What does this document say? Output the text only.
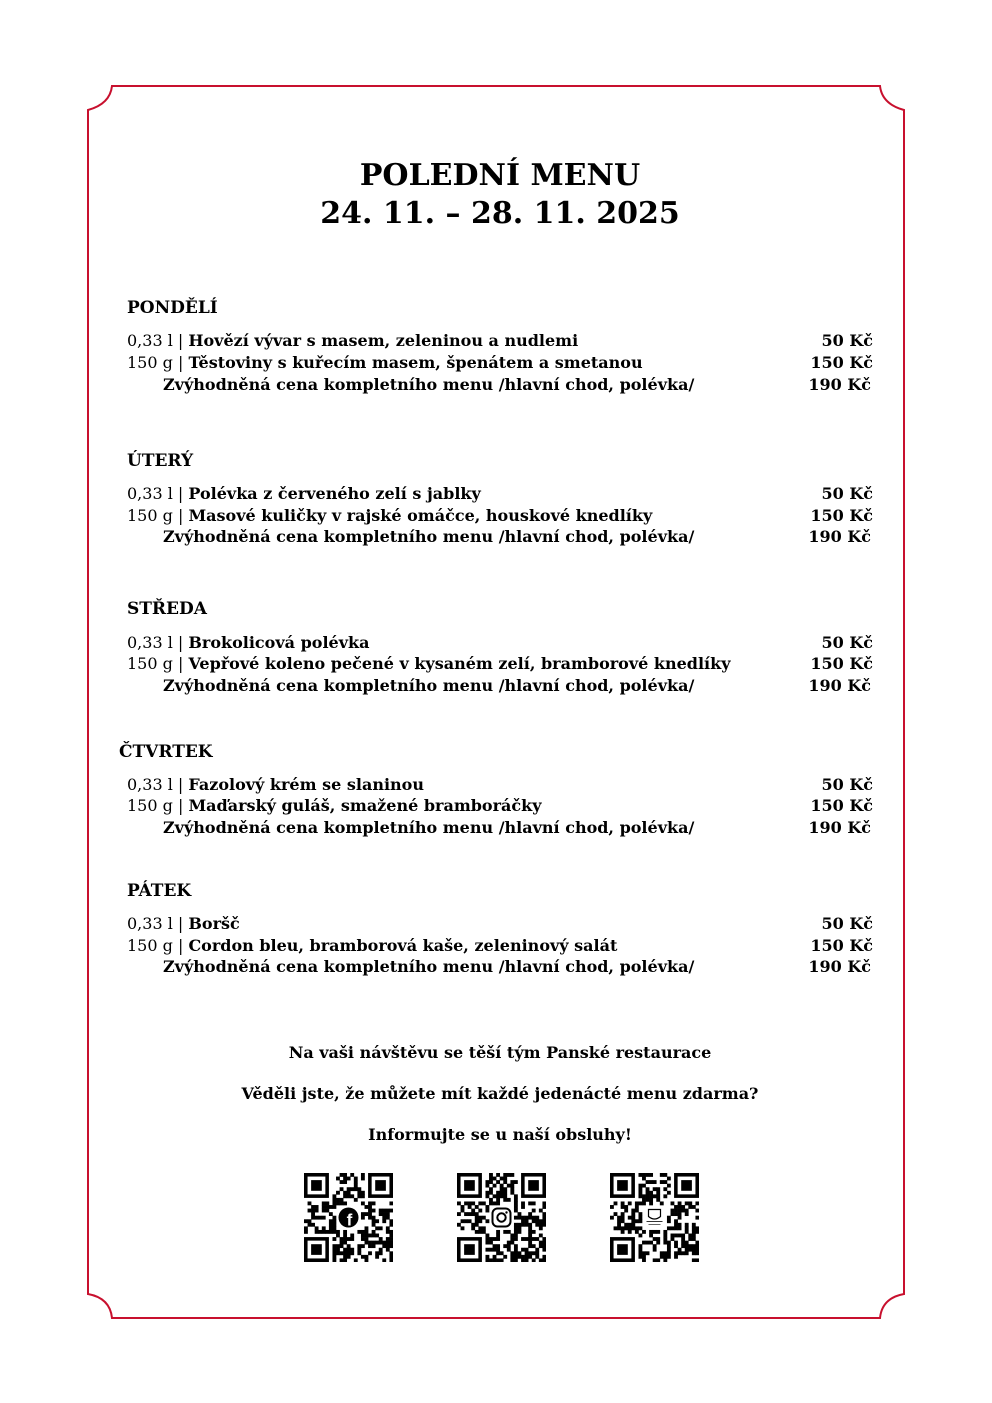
POLEDNÍ MENU
24. 11. – 28. 11. 2025
PONDĚLÍ
0,33 l | Hovězí vývar s masem, zeleninou a nudlemi	50 Kč
150 g | Těstoviny s kuřecím masem, špenátem a smetanou	150 Kč
Zvýhodněná cena kompletního menu /hlavní chod, polévka/	190 Kč
ÚTERÝ
0,33 l | Polévka z červeného zelí s jablky	50 Kč
150 g | Masové kuličky v rajské omáčce, houskové knedlíky	150 Kč
Zvýhodněná cena kompletního menu /hlavní chod, polévka/	190 Kč
STŘEDA
0,33 l | Brokolicová polévka	50 Kč
150 g | Vepřové koleno pečené v kysaném zelí, bramborové knedlíky	150 Kč
Zvýhodněná cena kompletního menu /hlavní chod, polévka/	190 Kč
ČTVRTEK
0,33 l | Fazolový krém se slaninou	50 Kč
150 g | Maďarský guláš, smažené bramboráčky	150 Kč
Zvýhodněná cena kompletního menu /hlavní chod, polévka/	190 Kč
PÁTEK
0,33 l | Boršč	50 Kč
150 g | Cordon bleu, bramborová kaše, zeleninový salát	150 Kč
Zvýhodněná cena kompletního menu /hlavní chod, polévka/	190 Kč
Na vaši návštěvu se těší tým Panské restaurace
Věděli jste, že můžete mít každé jedenácté menu zdarma?
Informujte se u naší obsluhy!
f
